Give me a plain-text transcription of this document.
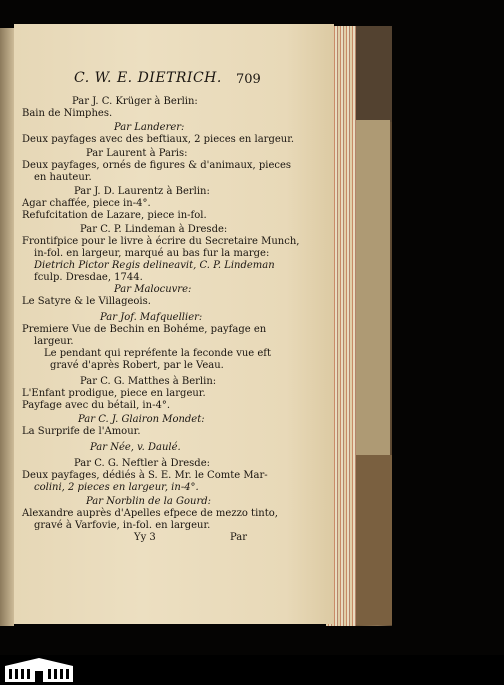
C. W. E. DIETRICH. 709
Par J. C. Krüger à Berlin:
Bain de Nimphes.
Par Landerer:
Deux payfages avec des beftiaux, 2 pieces en largeur.
Par Laurent à Paris:
Deux payfages, ornés de figures & d'animaux, pieces
en hauteur.
Par J. D. Laurentz à Berlin:
Agar chaffée, piece in-4°.
Refufcitation de Lazare, piece in-fol.
Par C. P. Lindeman à Dresde:
Frontifpice pour le livre à écrire du Secretaire Munch,
in-fol. en largeur, marqué au bas fur la marge:
Dietrich Pictor Regis delineavit, C. P. Lindeman
fculp. Dresdae, 1744.
Par Malocuvre:
Le Satyre & le Villageois.
Par Jof. Mafquellier:
Premiere Vue de Bechin en Bohéme, payfage en
largeur.
Le pendant qui repréfente la feconde vue eft
gravé d'après Robert, par le Veau.
Par C. G. Matthes à Berlin:
L'Enfant prodigue, piece en largeur.
Payfage avec du bétail, in-4°.
Par C. J. Glairon Mondet:
La Surprife de l'Amour.
Par Née, v. Daulé.
Par C. G. Neftler à Dresde:
Deux payfages, dédiés à S. E. Mr. le Comte Mar-
colini, 2 pieces en largeur, in-4°.
Par Norblin de la Gourd:
Alexandre auprès d'Apelles efpece de mezzo tinto,
gravé à Varfovie, in-fol. en largeur.
Yy 3	Par
